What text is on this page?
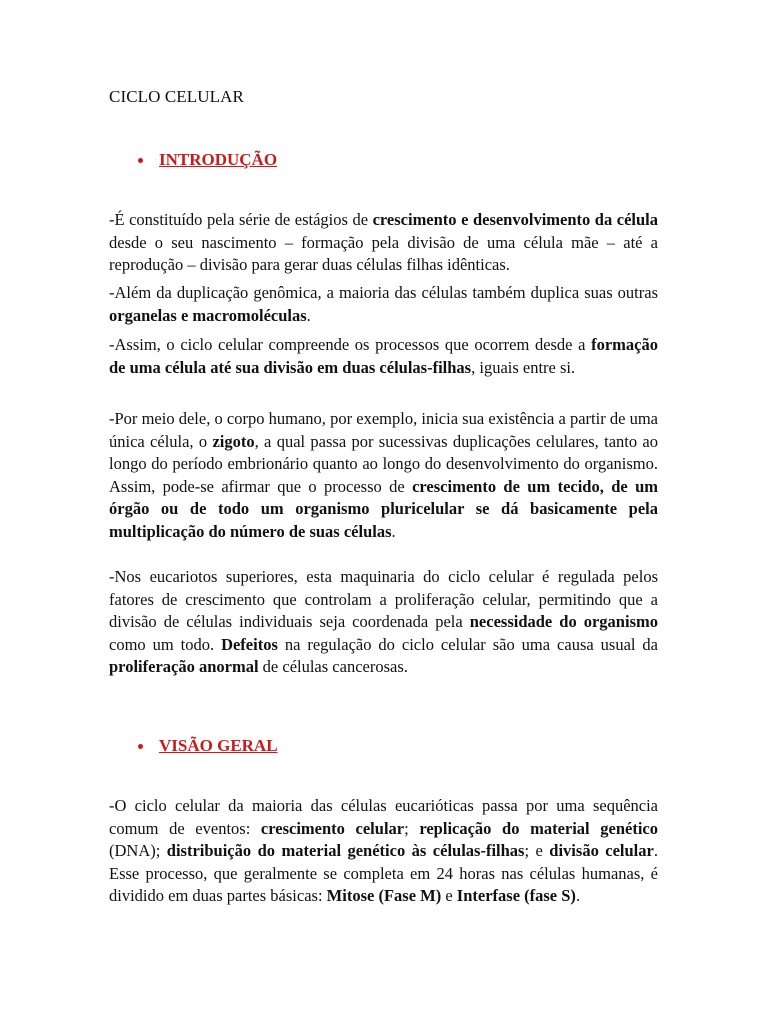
CICLO CELULAR
INTRODUÇÃO

-É constituído pela série de estágios de crescimento e desenvolvimento da célula desde o seu nascimento – formação pela divisão de uma célula mãe – até a reprodução – divisão para gerar duas células filhas idênticas.

-Além da duplicação genômica, a maioria das células também duplica suas outras organelas e macromoléculas.

-Assim, o ciclo celular compreende os processos que ocorrem desde a formação de uma célula até sua divisão em duas células-filhas, iguais entre si.

-Por meio dele, o corpo humano, por exemplo, inicia sua existência a partir de uma única célula, o zigoto, a qual passa por sucessivas duplicações celulares, tanto ao longo do período embrionário quanto ao longo do desenvolvimento do organismo. Assim, pode-se afirmar que o processo de crescimento de um tecido, de um órgão ou de todo um organismo pluricelular se dá basicamente pela multiplicação do número de suas células.

-Nos eucariotos superiores, esta maquinaria do ciclo celular é regulada pelos fatores de crescimento que controlam a proliferação celular, permitindo que a divisão de células individuais seja coordenada pela necessidade do organismo como um todo. Defeitos na regulação do ciclo celular são uma causa usual da proliferação anormal de células cancerosas.

VISÃO GERAL

-O ciclo celular da maioria das células eucarióticas passa por uma sequência comum de eventos: crescimento celular; replicação do material genético (DNA); distribuição do material genético às células-filhas; e divisão celular. Esse processo, que geralmente se completa em 24 horas nas células humanas, é dividido em duas partes básicas: Mitose (Fase M) e Interfase (fase S).
